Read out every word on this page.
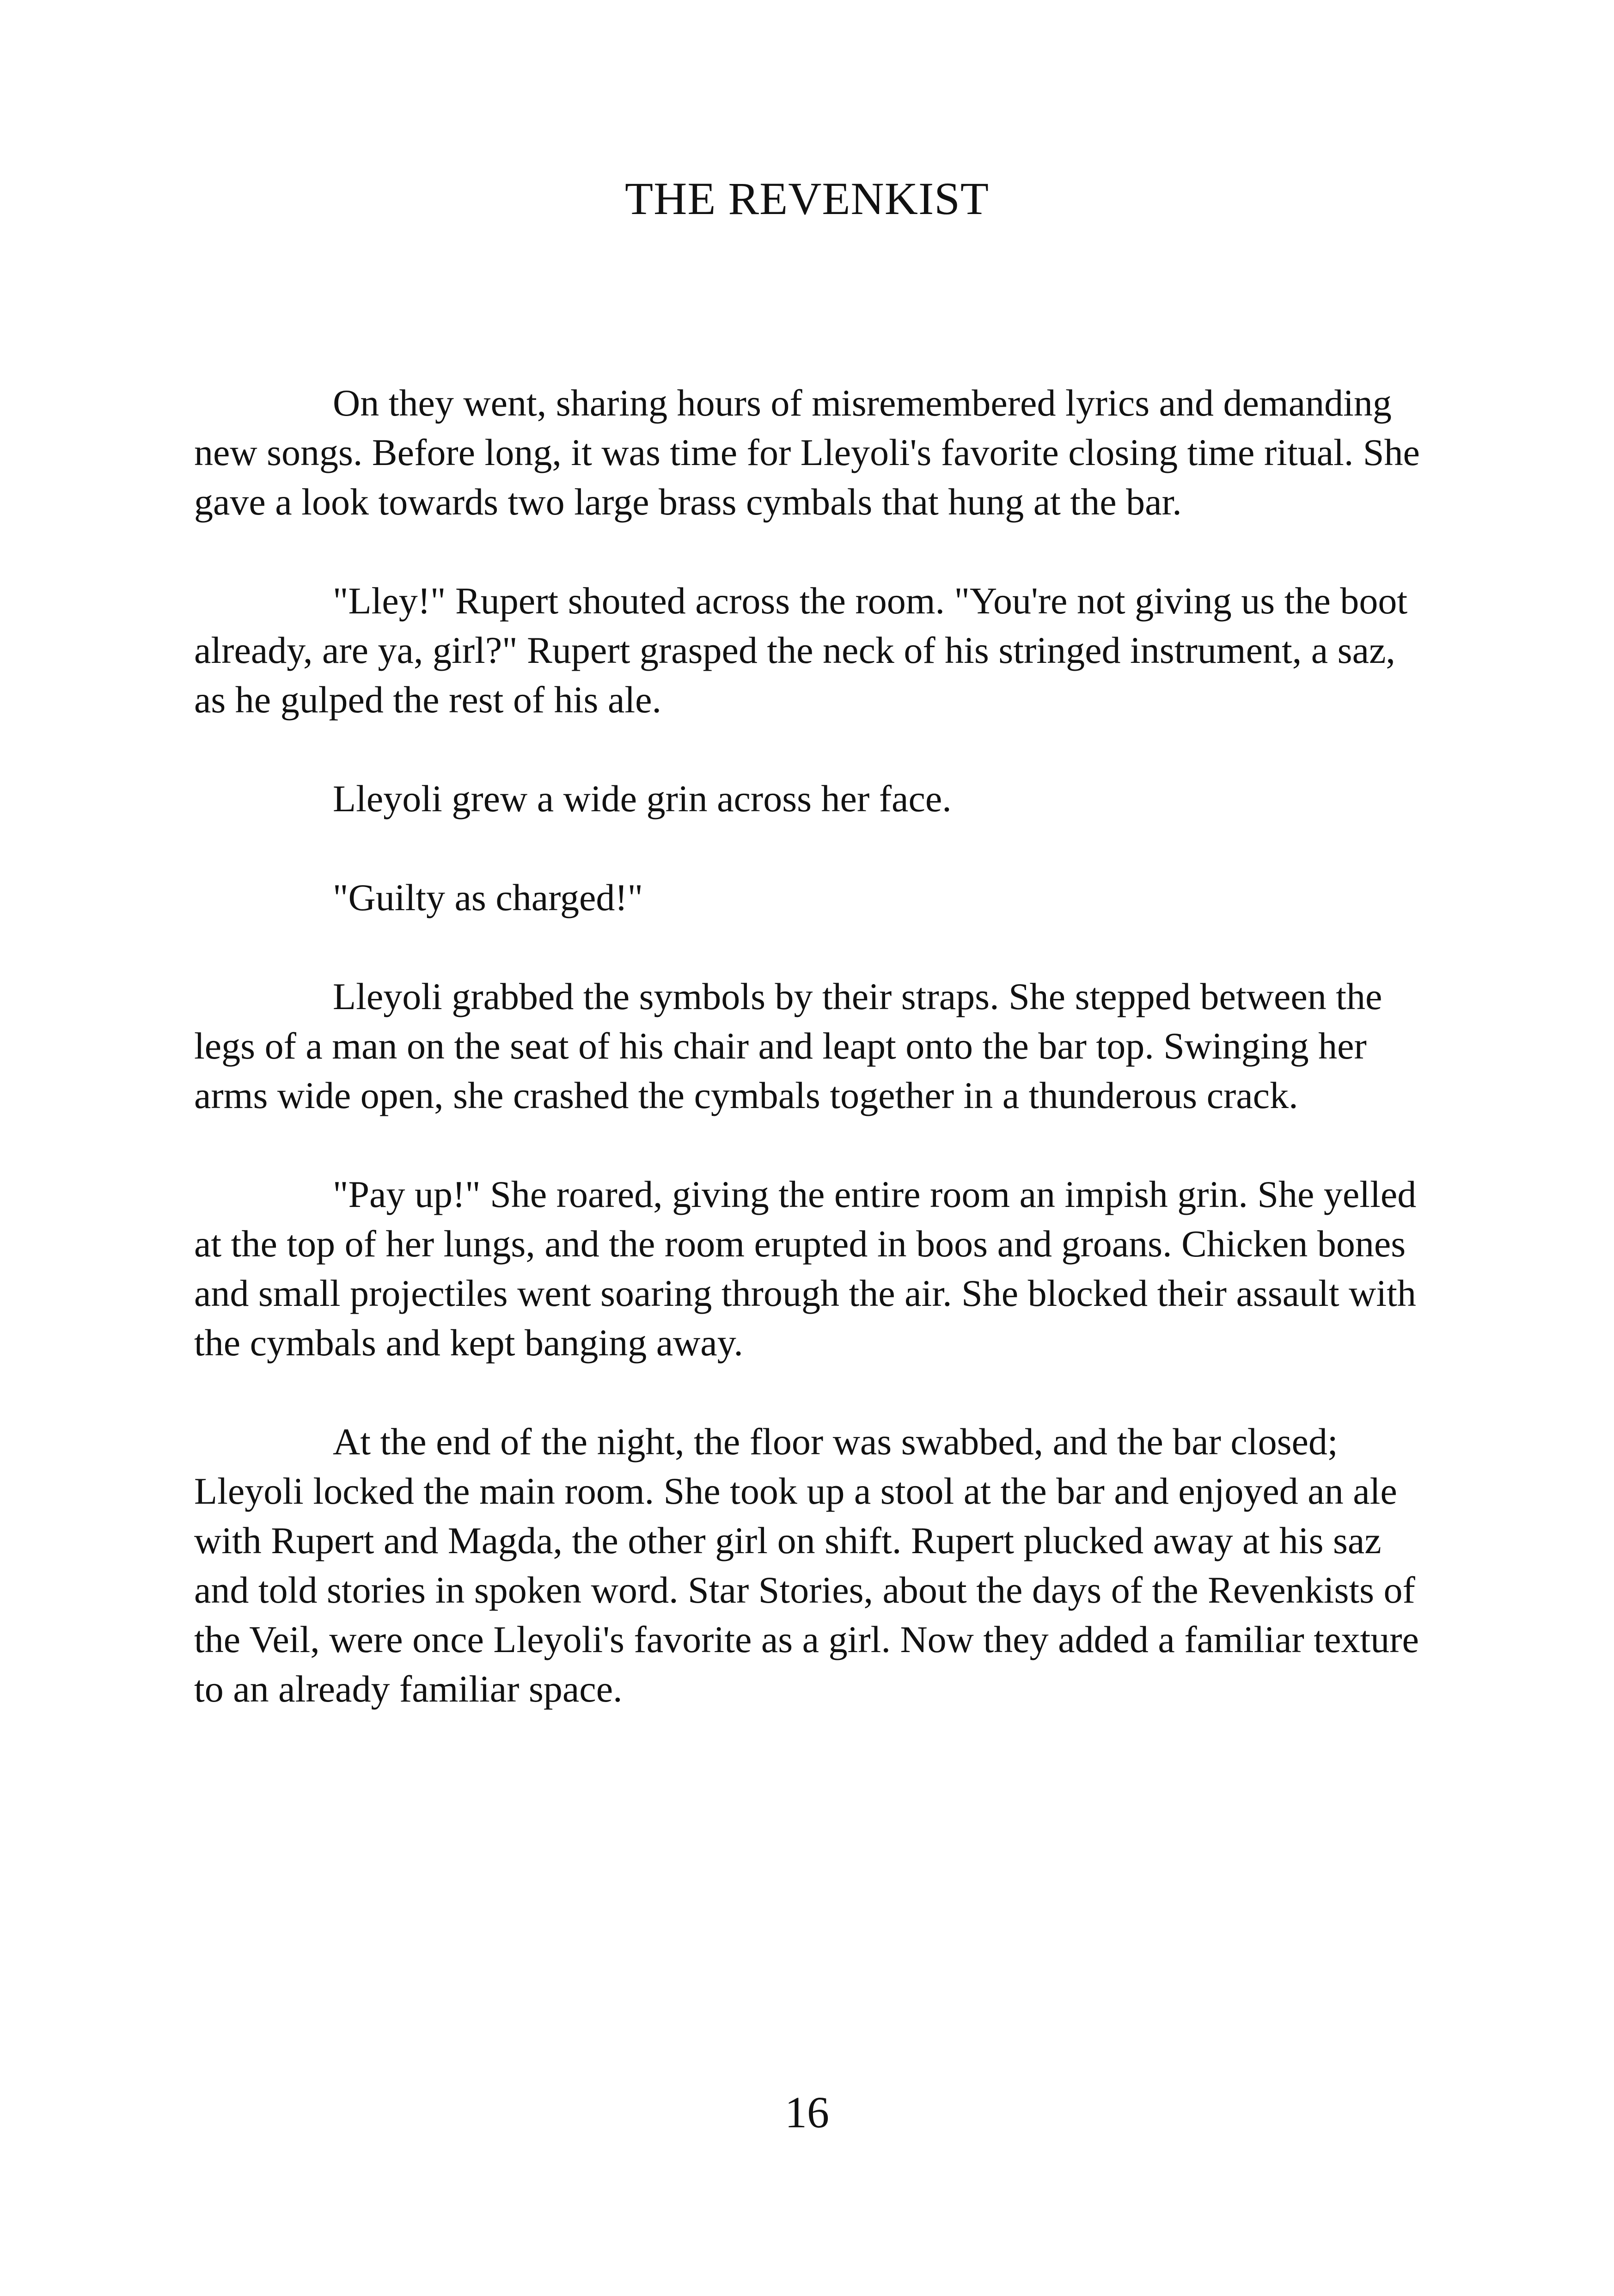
THE REVENKIST

On they went, sharing hours of misremembered lyrics and demanding new songs. Before long, it was time for Lleyoli's favorite closing time ritual. She gave a look towards two large brass cymbals that hung at the bar.

"Lley!" Rupert shouted across the room. "You're not giving us the boot already, are ya, girl?" Rupert grasped the neck of his stringed instrument, a saz, as he gulped the rest of his ale.

Lleyoli grew a wide grin across her face.

"Guilty as charged!"

Lleyoli grabbed the symbols by their straps. She stepped between the legs of a man on the seat of his chair and leapt onto the bar top. Swinging her arms wide open, she crashed the cymbals together in a thunderous crack.

"Pay up!" She roared, giving the entire room an impish grin. She yelled at the top of her lungs, and the room erupted in boos and groans. Chicken bones and small projectiles went soaring through the air. She blocked their assault with the cymbals and kept banging away.

At the end of the night, the floor was swabbed, and the bar closed; Lleyoli locked the main room. She took up a stool at the bar and enjoyed an ale with Rupert and Magda, the other girl on shift. Rupert plucked away at his saz and told stories in spoken word. Star Stories, about the days of the Revenkists of the Veil, were once Lleyoli's favorite as a girl. Now they added a familiar texture to an already familiar space.

16
